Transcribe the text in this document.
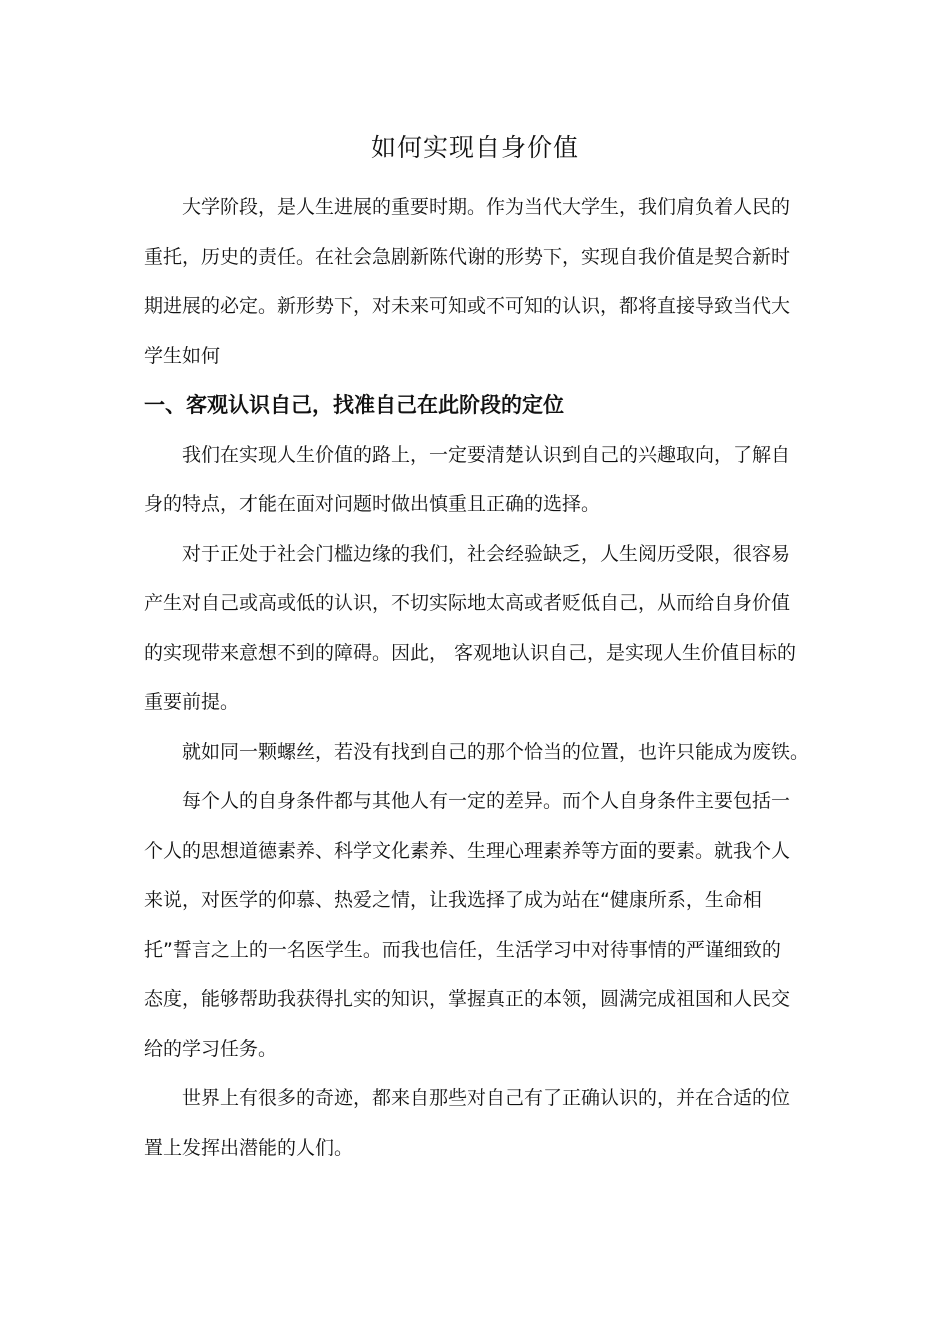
如何实现自身价值

大学阶段，是人生进展的重要时期。作为当代大学生，我们肩负着人民的
重托，历史的责任。在社会急剧新陈代谢的形势下，实现自我价值是契合新时
期进展的必定。新形势下，对未来可知或不可知的认识，都将直接导致当代大
学生如何

一、客观认识自己，找准自己在此阶段的定位

我们在实现人生价值的路上，一定要清楚认识到自己的兴趣取向，了解自
身的特点，才能在面对问题时做出慎重且正确的选择。

对于正处于社会门槛边缘的我们，社会经验缺乏，人生阅历受限，很容易
产生对自己或高或低的认识，不切实际地太高或者贬低自己，从而给自身价值
的实现带来意想不到的障碍。因此， 客观地认识自己，是实现人生价值目标的
重要前提。

就如同一颗螺丝，若没有找到自己的那个恰当的位置，也许只能成为废铁。

每个人的自身条件都与其他人有一定的差异。而个人自身条件主要包括一
个人的思想道德素养、科学文化素养、生理心理素养等方面的要素。就我个人
来说，对医学的仰慕、热爱之情，让我选择了成为站在“健康所系，生命相
托”誓言之上的一名医学生。而我也信任，生活学习中对待事情的严谨细致的
态度，能够帮助我获得扎实的知识，掌握真正的本领，圆满完成祖国和人民交
给的学习任务。

世界上有很多的奇迹，都来自那些对自己有了正确认识的，并在合适的位
置上发挥出潜能的人们。
